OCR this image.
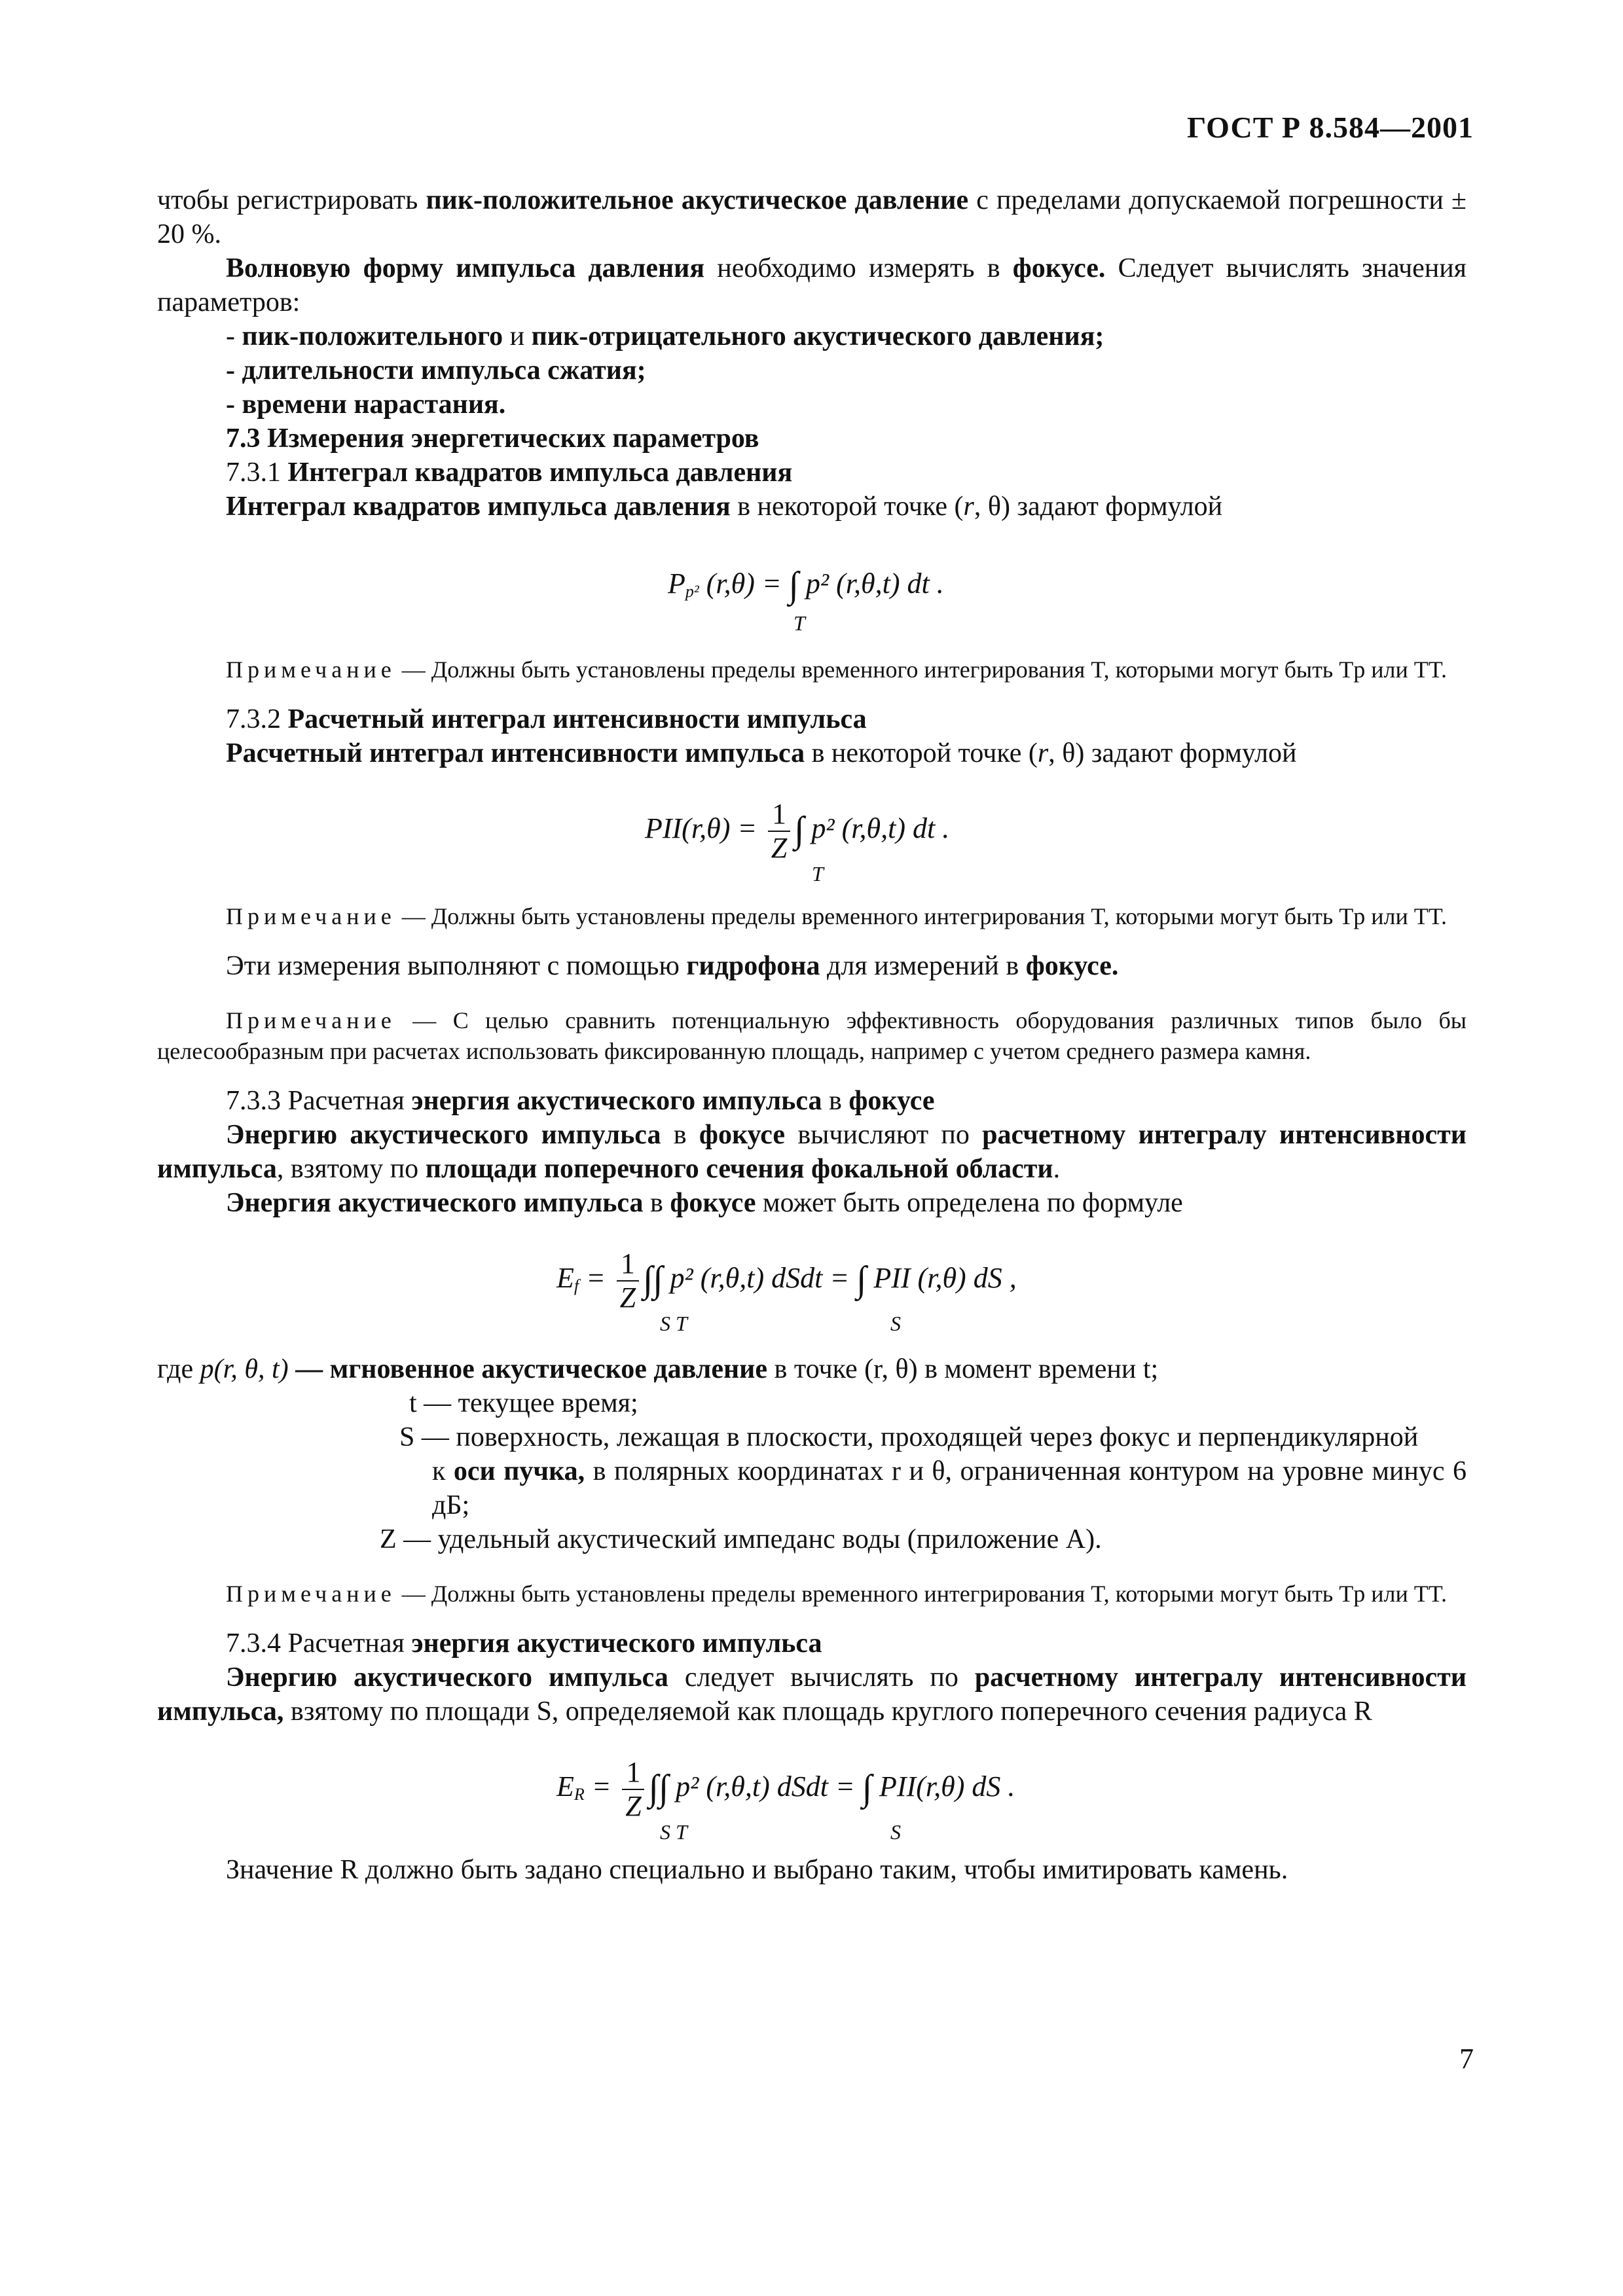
ГОСТ Р 8.584—2001

чтобы регистрировать пик-положительное акустическое давление с пределами допускаемой погрешности ± 20 %.

Волновую форму импульса давления необходимо измерять в фокусе. Следует вычислять значения параметров:

- пик-положительного и пик-отрицательного акустического давления;

- длительности импульса сжатия;

- времени нарастания.

7.3 Измерения энергетических параметров

7.3.1 Интеграл квадратов импульса давления

Интеграл квадратов импульса давления в некоторой точке (r, θ) задают формулой

$P_{p^2}$ (r,θ) = ∫ p² (r,θ,t) dt .
T

Примечание — Должны быть установлены пределы временного интегрирования T, которыми могут быть Tр или TT.

7.3.2 Расчетный интеграл интенсивности импульса

Расчетный интеграл интенсивности импульса в некоторой точке (r, θ) задают формулой

$PII(r,\theta) = \frac{1}{Z}$ ∫ p² (r,θ,t) dt .
T

Примечание — Должны быть установлены пределы временного интегрирования T, которыми могут быть Tр или TT.

Эти измерения выполняют с помощью гидрофона для измерений в фокусе.

Примечание — С целью сравнить потенциальную эффективность оборудования различных типов было бы целесообразным при расчетах использовать фиксированную площадь, например с учетом среднего размера камня.

7.3.3 Расчетная энергия акустического импульса в фокусе

Энергию акустического импульса в фокусе вычисляют по расчетному интегралу интенсивности импульса, взятому по площади поперечного сечения фокальной области.

Энергия акустического импульса в фокусе может быть определена по формуле

$E_f = \frac{1}{Z}$ ∫∫ p² (r,θ,t) dSdt = ∫ PII (r,θ) dS ,
S T	S

где p(r, θ, t) — мгновенное акустическое давление в точке (r, θ) в момент времени t;

t — текущее время;

S — поверхность, лежащая в плоскости, проходящей через фокус и перпендикулярной

к оси пучка, в полярных координатах r и θ, ограниченная контуром на уровне минус 6 дБ;

Z — удельный акустический импеданс воды (приложение А).

Примечание — Должны быть установлены пределы временного интегрирования T, которыми могут быть Tр или TT.

7.3.4 Расчетная энергия акустического импульса

Энергию акустического импульса следует вычислять по расчетному интегралу интенсивности импульса, взятому по площади S, определяемой как площадь круглого поперечного сечения радиуса R

$E_R = \frac{1}{Z}$ ∫∫ p² (r,θ,t) dSdt = ∫ PII(r,θ) dS .
S T	S

Значение R должно быть задано специально и выбрано таким, чтобы имитировать камень.

7
